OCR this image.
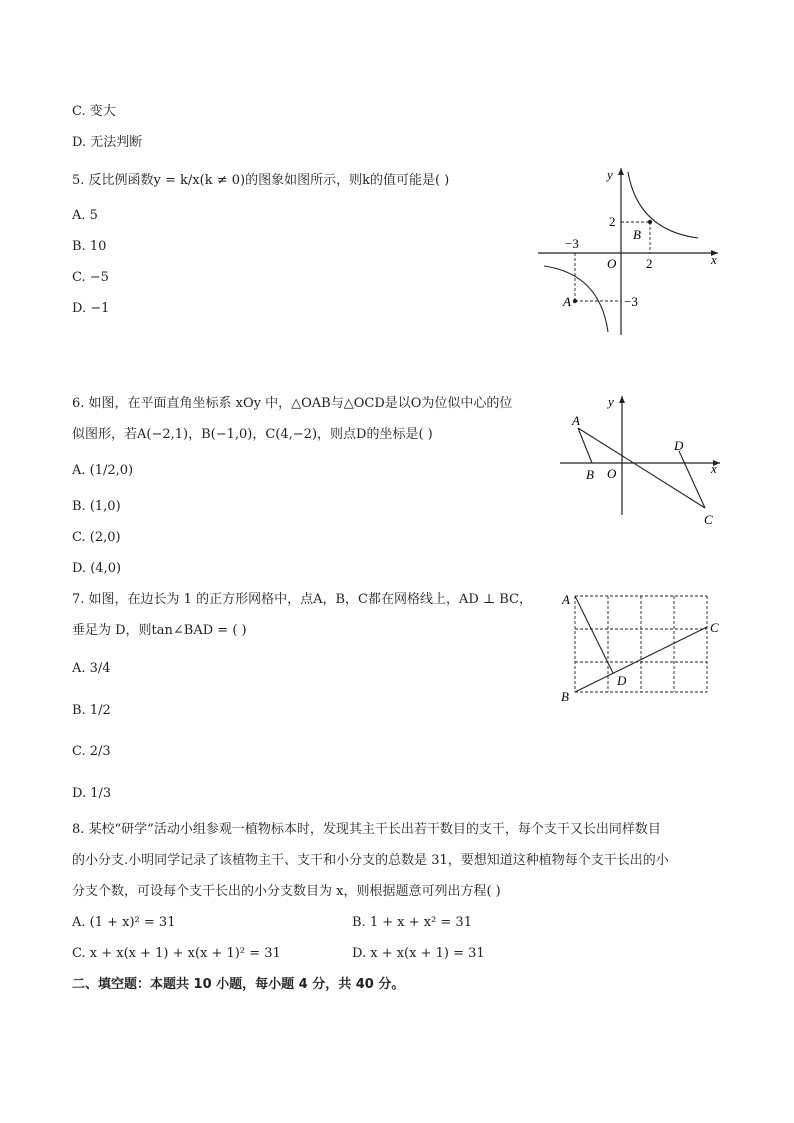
C. 变大
D. 无法判断
5. 反比例函数y = k/x(k ≠ 0)的图象如图所示，则k的值可能是( )
A. 5
B. 10
C. −5
D. −1
6. 如图，在平面直角坐标系 xOy 中，△OAB与△OCD是以O为位似中心的位
似图形，若A(−2,1)，B(−1,0)，C(4,−2)，则点D的坐标是( )
A. (1/2,0)
B. (1,0)
C. (2,0)
D. (4,0)
7. 如图，在边长为 1 的正方形网格中，点A，B，C都在网格线上，AD ⊥ BC，
垂足为 D，则tan∠BAD = ( )
A. 3/4
B. 1/2
C. 2/3
D. 1/3
8. 某校“研学”活动小组参观一植物标本时，发现其主干长出若干数目的支干，每个支干又长出同样数目
的小分支.小明同学记录了该植物主干、支干和小分支的总数是 31，要想知道这种植物每个支干长出的小
分支个数，可设每个支干长出的小分支数目为 x，则根据题意可列出方程( )
A. (1 + x)² = 31	B. 1 + x + x² = 31
C. x + x(x + 1) + x(x + 1)² = 31	D. x + x(x + 1) = 31
二、填空题：本题共 10 小题，每小题 4 分，共 40 分。
y
x
O
2
2
−3
−3
B
A
A
B O
D
C
y
x
A
B
C
D
